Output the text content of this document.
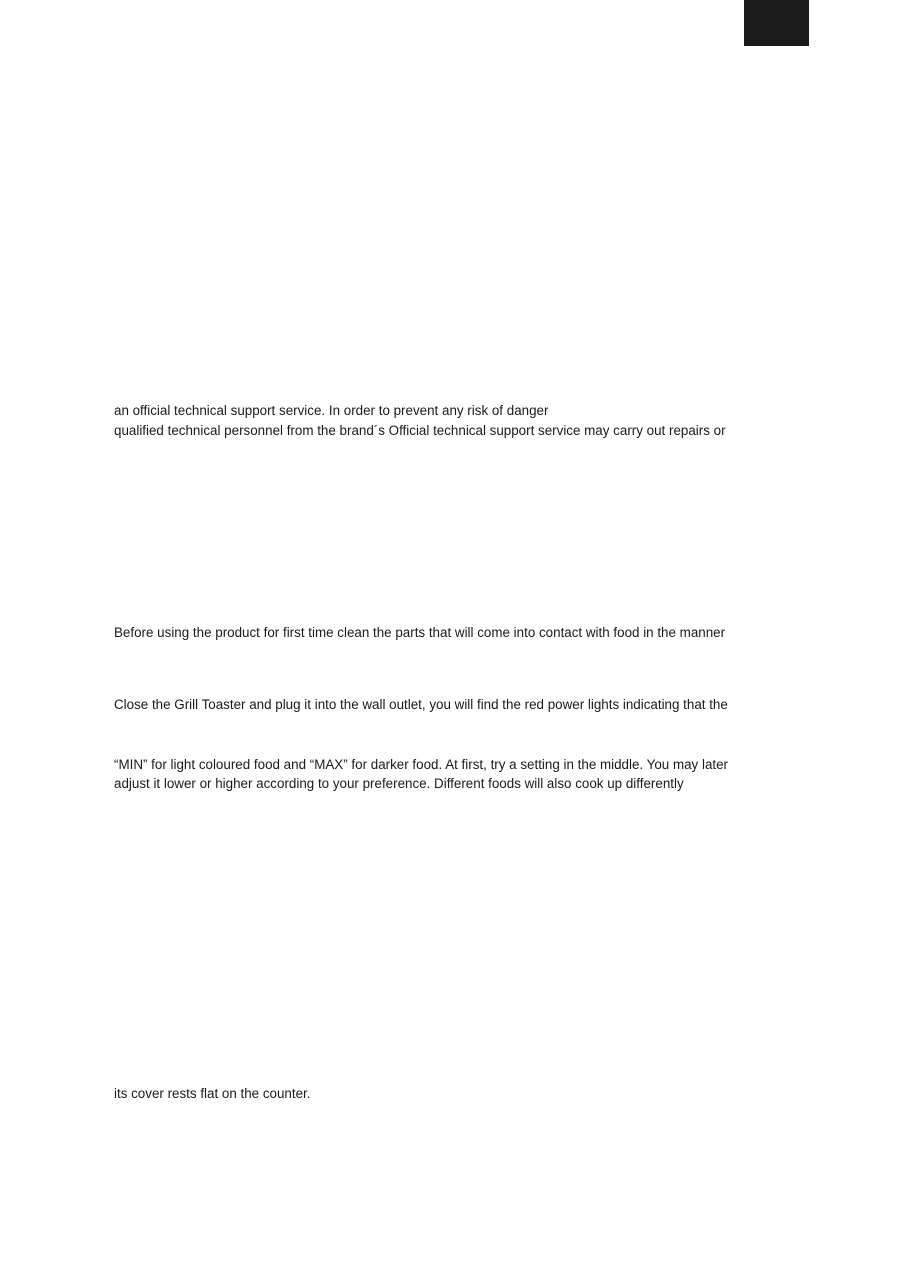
an official technical support service. In order to prevent any risk of danger
qualified technical personnel from the brand´s Official technical support service may carry out repairs or
Before using the product for first time clean the parts that will come into contact with food in the manner
Close the Grill Toaster and plug it into the wall outlet, you will find the red power lights indicating that the
“MIN” for light coloured food and “MAX” for darker food. At first, try a setting in the middle. You may later
adjust it lower or higher according to your preference. Different foods will also cook up differently
its cover rests flat on the counter.
